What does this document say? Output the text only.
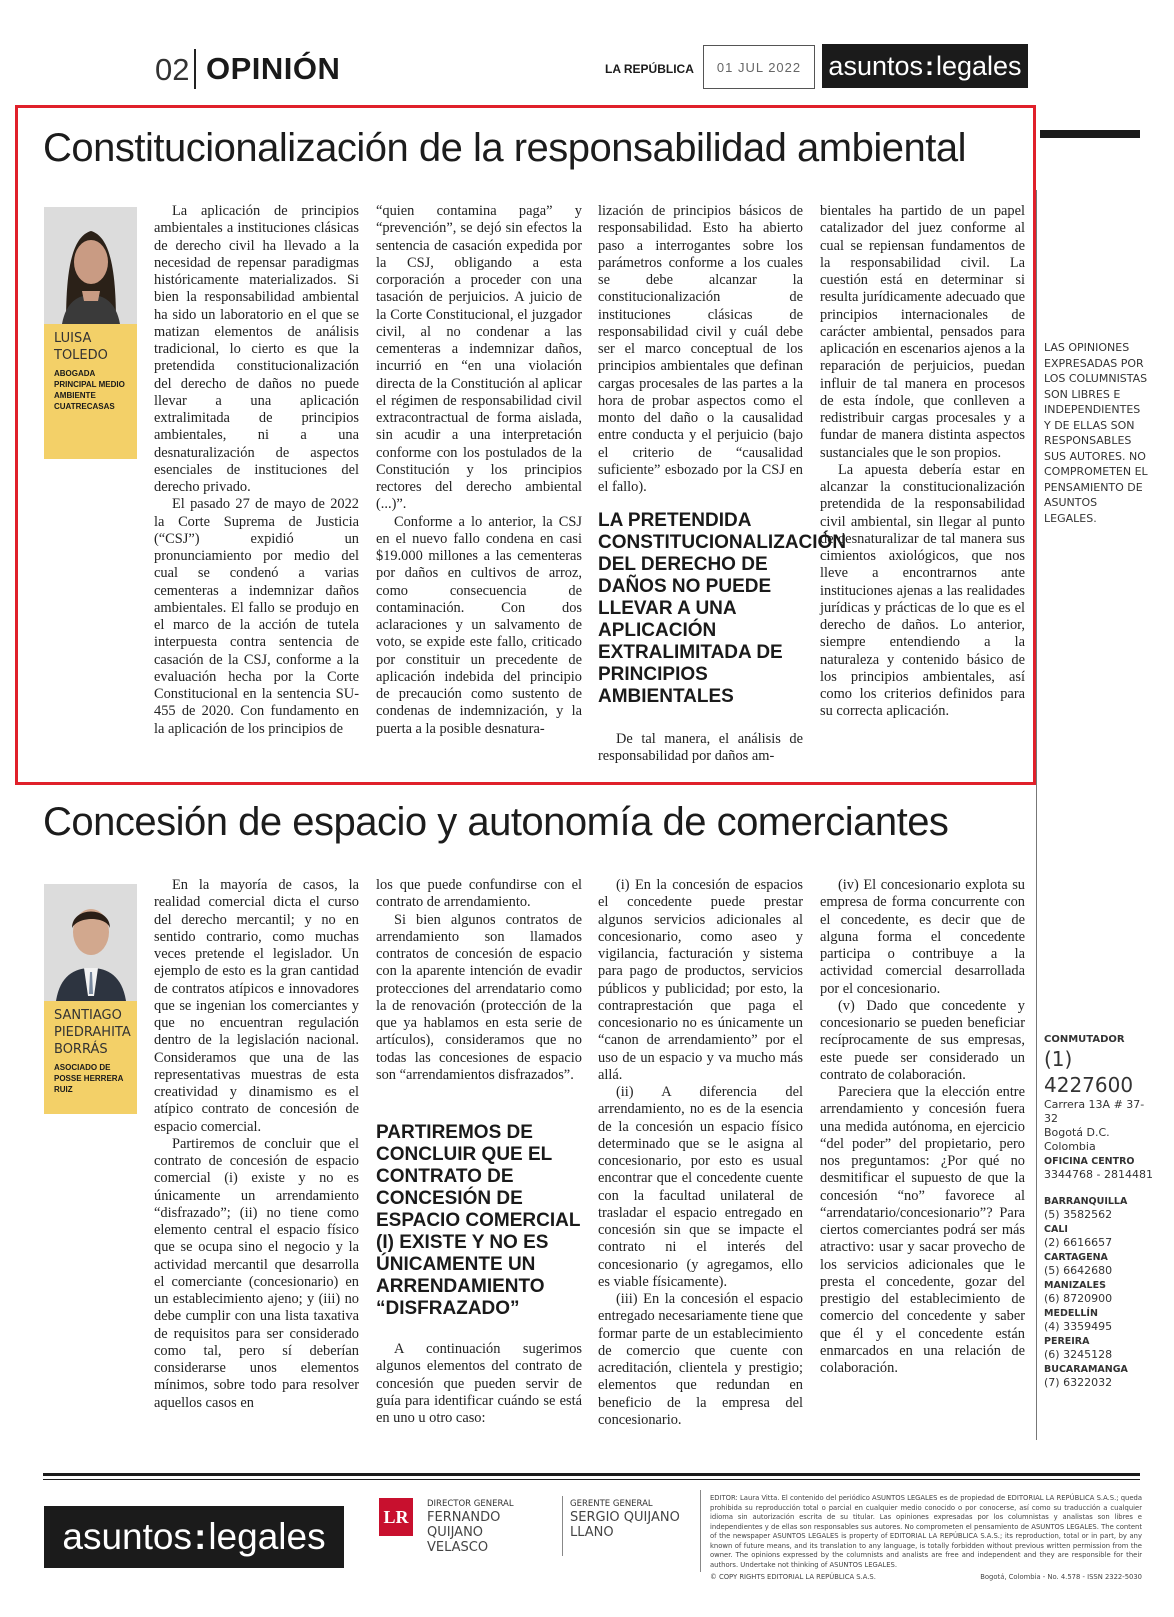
02 OPINIÓN	LA REPÚBLICA	01 JUL 2022	asuntos : legales
Constitucionalización de la responsabilidad ambiental
LUISA TOLEDO
ABOGADA PRINCIPAL MEDIO AMBIENTE CUATRECASAS

La aplicación de principios ambientales a instituciones clásicas de derecho civil ha llevado a la necesidad de repensar paradigmas históricamente materializados. Si bien la responsabilidad ambiental ha sido un laboratorio en el que se matizan elementos de análisis tradicional, lo cierto es que la pretendida constitucionalización del derecho de daños no puede llevar a una aplicación extralimitada de principios ambientales, ni a una desnaturalización de aspectos esenciales de instituciones del derecho privado.

El pasado 27 de mayo de 2022 la Corte Suprema de Justicia (“CSJ”) expidió un pronunciamiento por medio del cual se condenó a varias cementeras a indemnizar daños ambientales. El fallo se produjo en el marco de la acción de tutela interpuesta contra sentencia de casación de la CSJ, conforme a la evaluación hecha por la Corte Constitucional en la sentencia SU-455 de 2020. Con fundamento en la aplicación de los principios de

“quien contamina paga” y “prevención”, se dejó sin efectos la sentencia de casación expedida por la CSJ, obligando a esta corporación a proceder con una tasación de perjuicios. A juicio de la Corte Constitucional, el juzgador civil, al no condenar a las cementeras a indemnizar daños, incurrió en “en una violación directa de la Constitución al aplicar el régimen de responsabilidad civil extracontractual de forma aislada, sin acudir a una interpretación conforme con los postulados de la Constitución y los principios rectores del derecho ambiental (...)”.

Conforme a lo anterior, la CSJ en el nuevo fallo condena en casi $19.000 millones a las cementeras por daños en cultivos de arroz, como consecuencia de contaminación. Con dos aclaraciones y un salvamento de voto, se expide este fallo, criticado por constituir un precedente de aplicación indebida del principio de precaución como sustento de condenas de indemnización, y la puerta a la posible desnatura-

lización de principios básicos de responsabilidad. Esto ha abierto paso a interrogantes sobre los parámetros conforme a los cuales se debe alcanzar la constitucionalización de instituciones clásicas de responsabilidad civil y cuál debe ser el marco conceptual de los principios ambientales que definan cargas procesales de las partes a la hora de probar aspectos como el monto del daño o la causalidad entre conducta y el perjuicio (bajo el criterio de “causalidad suficiente” esbozado por la CSJ en el fallo).

LA PRETENDIDA CONSTITUCIONALIZACIÓN DEL DERECHO DE DAÑOS NO PUEDE LLEVAR A UNA APLICACIÓN EXTRALIMITADA DE PRINCIPIOS AMBIENTALES

De tal manera, el análisis de responsabilidad por daños am-

bientales ha partido de un papel catalizador del juez conforme al cual se repiensan fundamentos de la responsabilidad civil. La cuestión está en determinar si resulta jurídicamente adecuado que principios internacionales de carácter ambiental, pensados para aplicación en escenarios ajenos a la reparación de perjuicios, puedan influir de tal manera en procesos de esta índole, que conlleven a redistribuir cargas procesales y a fundar de manera distinta aspectos sustanciales que le son propios.

La apuesta debería estar en alcanzar la constitucionalización pretendida de la responsabilidad civil ambiental, sin llegar al punto de desnaturalizar de tal manera sus cimientos axiológicos, que nos lleve a encontrarnos ante instituciones ajenas a las realidades jurídicas y prácticas de lo que es el derecho de daños. Lo anterior, siempre entendiendo a la naturaleza y contenido básico de los principios ambientales, así como los criterios definidos para su correcta aplicación.

LAS OPINIONES EXPRESADAS POR LOS COLUMNISTAS SON LIBRES E INDEPENDIENTES Y DE ELLAS SON RESPONSABLES SUS AUTORES. NO COMPROMETEN EL PENSAMIENTO DE ASUNTOS LEGALES.
CONMUTADOR
(1) 4227600
Carrera 13A # 37-32
Bogotá D.C.
Colombia
OFICINA CENTRO
3344768 - 2814481
BARRANQUILLA
(5) 3582562
CALI
(2) 6616657
CARTAGENA
(5) 6642680
MANIZALES
(6) 8720900
MEDELLÍN
(4) 3359495
PEREIRA
(6) 3245128
BUCARAMANGA
(7) 6322032
Concesión de espacio y autonomía de comerciantes
SANTIAGO PIEDRAHITA BORRÁS
ASOCIADO DE POSSE HERRERA RUIZ

En la mayoría de casos, la realidad comercial dicta el curso del derecho mercantil; y no en sentido contrario, como muchas veces pretende el legislador. Un ejemplo de esto es la gran cantidad de contratos atípicos e innovadores que se ingenian los comerciantes y que no encuentran regulación dentro de la legislación nacional. Consideramos que una de las representativas muestras de esta creatividad y dinamismo es el atípico contrato de concesión de espacio comercial.

Partiremos de concluir que el contrato de concesión de espacio comercial (i) existe y no es únicamente un arrendamiento “disfrazado”; (ii) no tiene como elemento central el espacio físico que se ocupa sino el negocio y la actividad mercantil que desarrolla el comerciante (concesionario) en un establecimiento ajeno; y (iii) no debe cumplir con una lista taxativa de requisitos para ser considerado como tal, pero sí deberían considerarse unos elementos mínimos, sobre todo para resolver aquellos casos en

los que puede confundirse con el contrato de arrendamiento.

Si bien algunos contratos de arrendamiento son llamados contratos de concesión de espacio con la aparente intención de evadir protecciones del arrendatario como la de renovación (protección de la que ya hablamos en esta serie de artículos), consideramos que no todas las concesiones de espacio son “arrendamientos disfrazados”.

PARTIREMOS DE CONCLUIR QUE EL CONTRATO DE CONCESIÓN DE ESPACIO COMERCIAL (I) EXISTE Y NO ES ÚNICAMENTE UN ARRENDAMIENTO “DISFRAZADO”

A continuación sugerimos algunos elementos del contrato de concesión que pueden servir de guía para identificar cuándo se está en uno u otro caso:

(i) En la concesión de espacios el concedente puede prestar algunos servicios adicionales al concesionario, como aseo y vigilancia, facturación y sistema para pago de productos, servicios públicos y publicidad; por esto, la contraprestación que paga el concesionario no es únicamente un “canon de arrendamiento” por el uso de un espacio y va mucho más allá.

(ii) A diferencia del arrendamiento, no es de la esencia de la concesión un espacio físico determinado que se le asigna al concesionario, por esto es usual encontrar que el concedente cuente con la facultad unilateral de trasladar el espacio entregado en concesión sin que se impacte el contrato ni el interés del concesionario (y agregamos, ello es viable físicamente).

(iii) En la concesión el espacio entregado necesariamente tiene que formar parte de un establecimiento de comercio que cuente con acreditación, clientela y prestigio; elementos que redundan en beneficio de la empresa del concesionario.

(iv) El concesionario explota su empresa de forma concurrente con el concedente, es decir que de alguna forma el concedente participa o contribuye a la actividad comercial desarrollada por el concesionario.

(v) Dado que concedente y concesionario se pueden beneficiar recíprocamente de sus empresas, este puede ser considerado un contrato de colaboración.

Pareciera que la elección entre arrendamiento y concesión fuera una medida autónoma, en ejercicio “del poder” del propietario, pero nos preguntamos: ¿Por qué no desmitificar el supuesto de que la concesión “no” favorece al “arrendatario/concesionario”? Para ciertos comerciantes podrá ser más atractivo: usar y sacar provecho de los servicios adicionales que le presta el concedente, gozar del prestigio del establecimiento de comercio del concedente y saber que él y el concedente están enmarcados en una relación de colaboración.

asuntos : legales	LR
DIRECTOR GENERAL
FERNANDO QUIJANO VELASCO
GERENTE GENERAL
SERGIO QUIJANO LLANO
EDITOR: Laura Vitta. El contenido del periódico ASUNTOS LEGALES es de propiedad de EDITORIAL LA REPÚBLICA S.A.S.; queda prohibida su reproducción total o parcial en cualquier medio conocido o por conocerse, así como su traducción a cualquier idioma sin autorización escrita de su titular. Las opiniones expresadas por los columnistas y analistas son libres e independientes y de ellas son responsables sus autores. No comprometen el pensamiento de ASUNTOS LEGALES. The content of the newspaper ASUNTOS LEGALES is property of EDITORIAL LA REPÚBLICA S.A.S.; its reproduction, total or in part, by any known of future means, and its translation to any language, is totally forbidden without previous written permission from the owner. The opinions expressed by the columnists and analists are free and independent and they are responsible for their authors. Undertake not thinking of ASUNTOS LEGALES.
© COPY RIGHTS EDITORIAL LA REPÚBLICA S.A.S.	Bogotá, Colombia - No. 4.578 - ISSN 2322-5030
